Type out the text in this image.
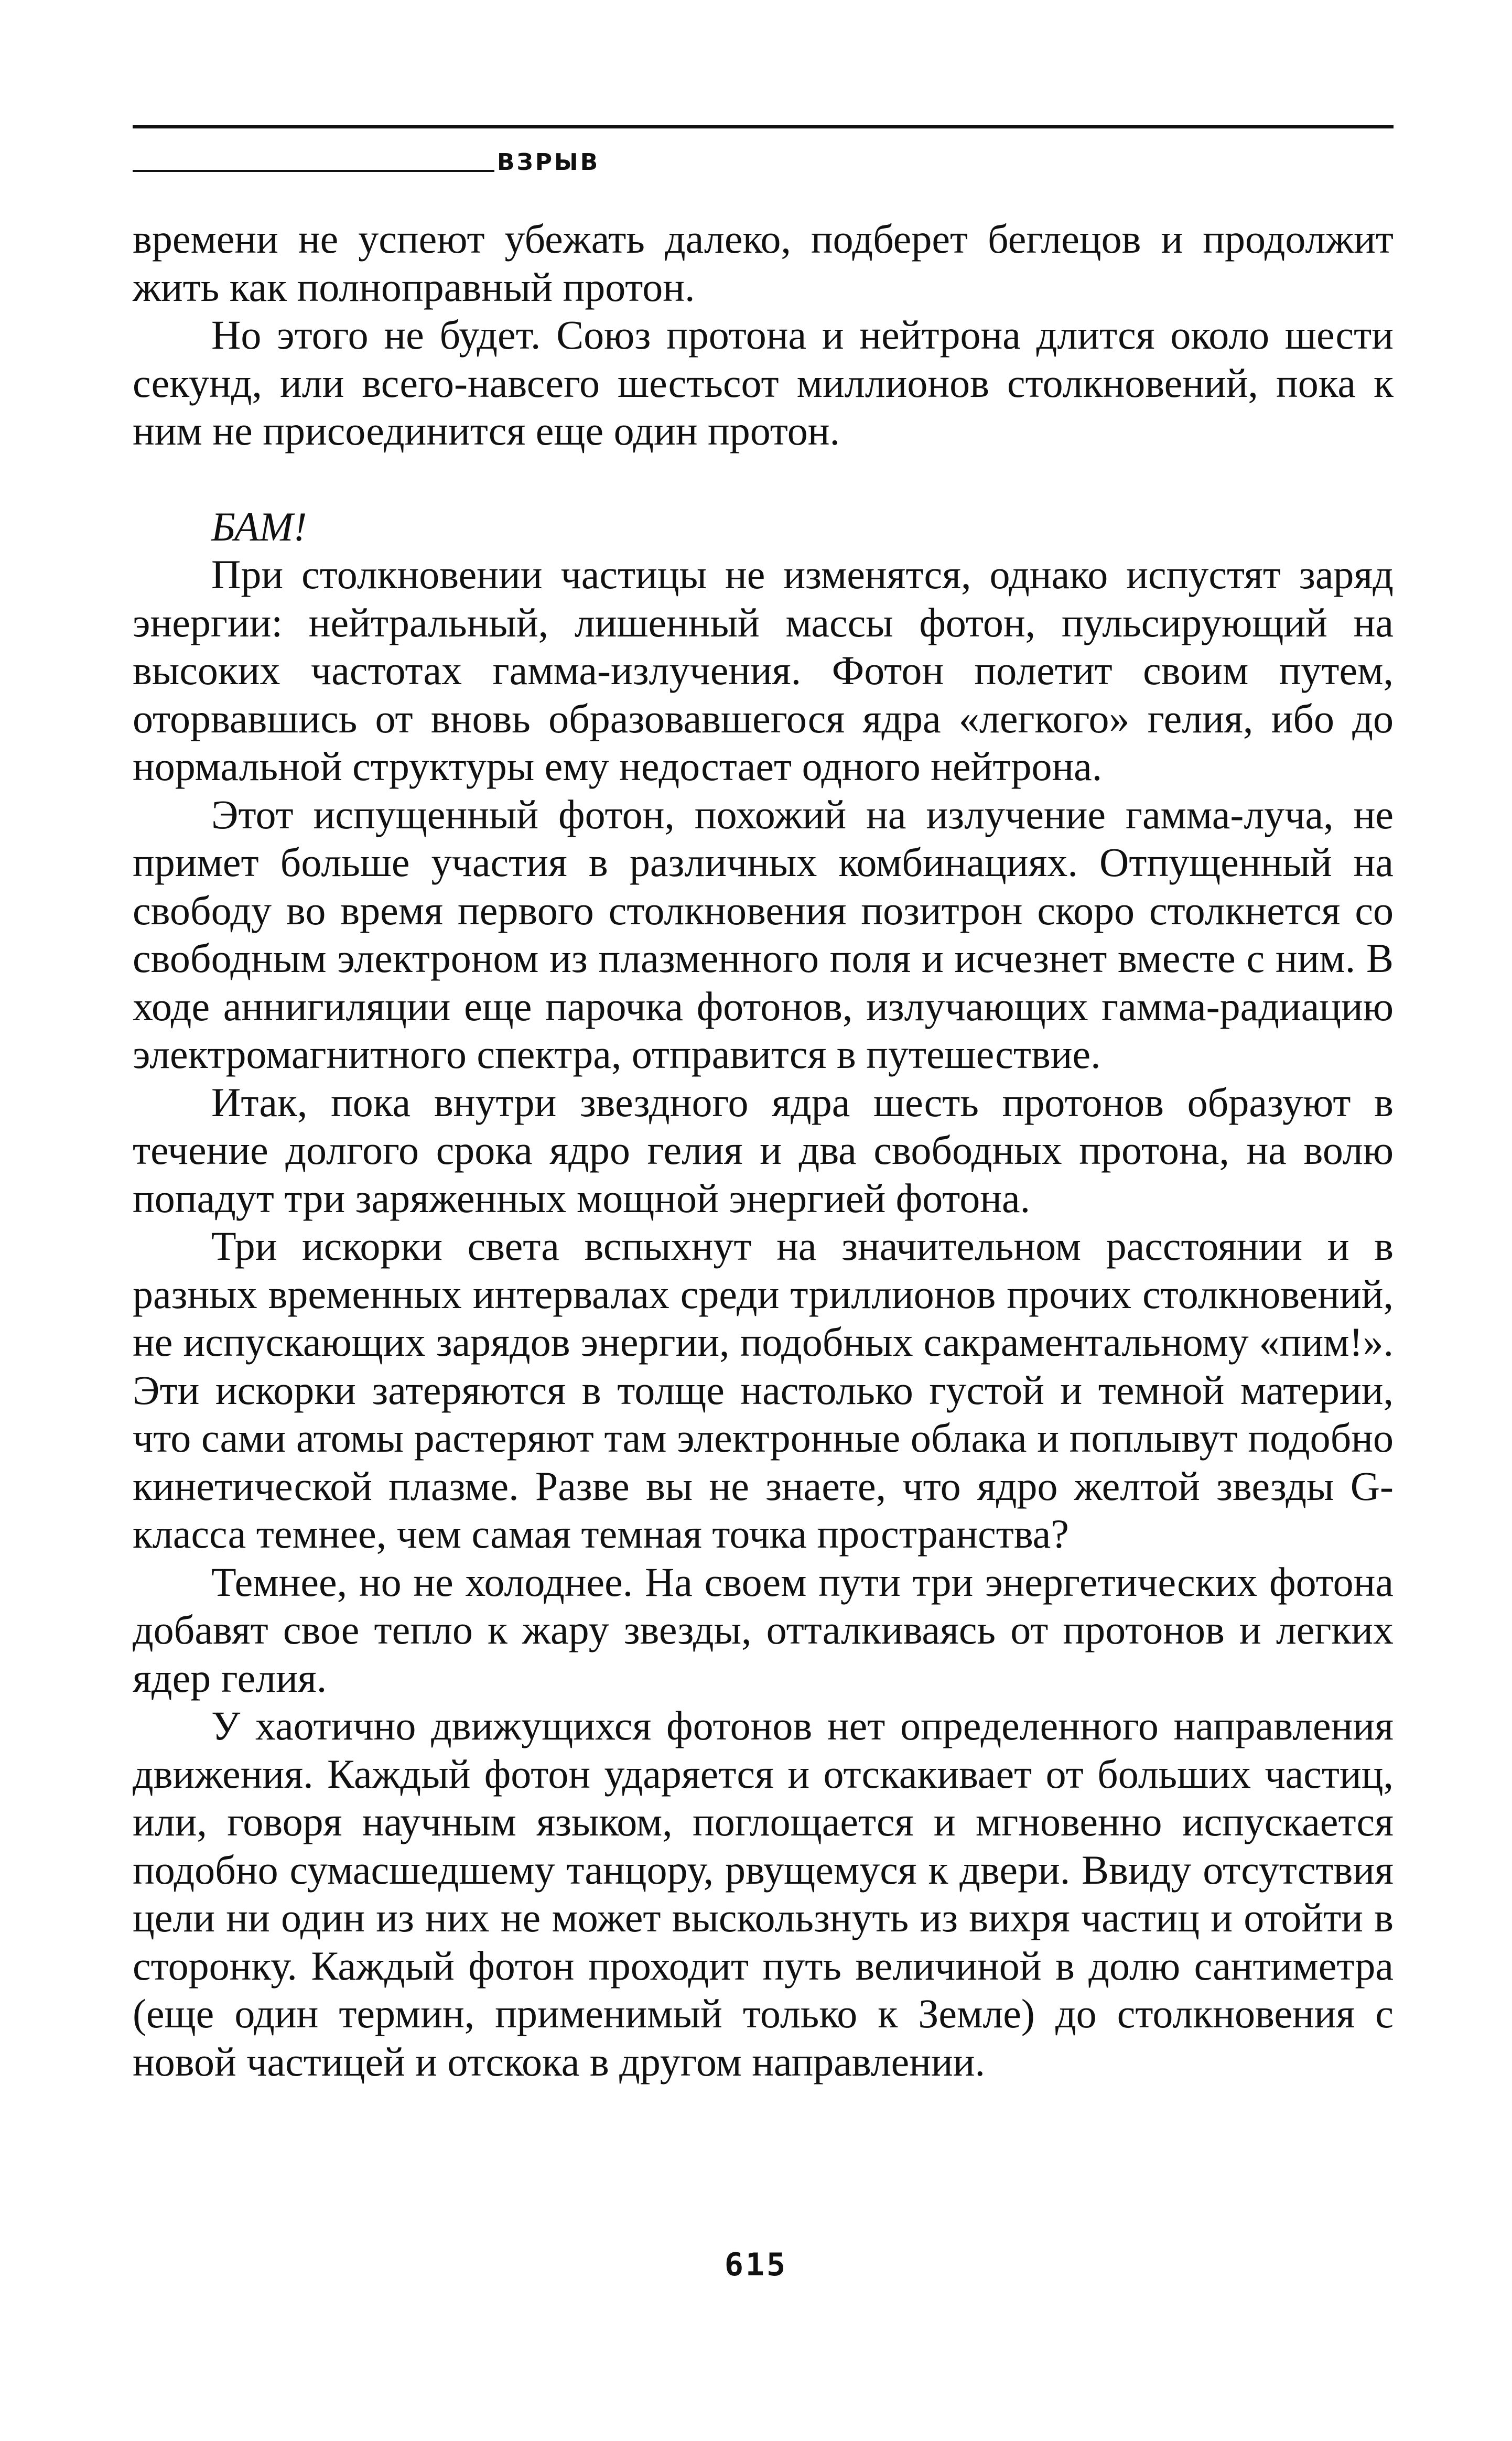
ВЗРЫВ

времени не успеют убежать далеко, подберет беглецов и продолжит жить как полноправный протон.

Но этого не будет. Союз протона и нейтрона длится около шести секунд, или всего-навсего шестьсот миллионов столкновений, пока к ним не присоединится еще один протон.

БАМ!

При столкновении частицы не изменятся, однако испустят заряд энергии: нейтральный, лишенный массы фотон, пульсирующий на высоких частотах гамма-излучения. Фотон полетит своим путем, оторвавшись от вновь образовавшегося ядра «легкого» гелия, ибо до нормальной структуры ему недостает одного нейтрона.

Этот испущенный фотон, похожий на излучение гамма-луча, не примет больше участия в различных комбинациях. Отпущенный на свободу во время первого столкновения позитрон скоро столкнется со свободным электроном из плазменного поля и исчезнет вместе с ним. В ходе аннигиляции еще парочка фотонов, излучающих гамма-радиацию электромагнитного спектра, отправится в путешествие.

Итак, пока внутри звездного ядра шесть протонов образуют в течение долгого срока ядро гелия и два свободных протона, на волю попадут три заряженных мощной энергией фотона.

Три искорки света вспыхнут на значительном расстоянии и в разных временных интервалах среди триллионов прочих столкновений, не испускающих зарядов энергии, подобных сакраментальному «пим!». Эти искорки затеряются в толще настолько густой и темной материи, что сами атомы растеряют там электронные облака и поплывут подобно кинетической плазме. Разве вы не знаете, что ядро желтой звезды G-класса темнее, чем самая темная точка пространства?

Темнее, но не холоднее. На своем пути три энергетических фотона добавят свое тепло к жару звезды, отталкиваясь от протонов и легких ядер гелия.

У хаотично движущихся фотонов нет определенного направления движения. Каждый фотон ударяется и отскакивает от больших частиц, или, говоря научным языком, поглощается и мгновенно испускается подобно сумасшедшему танцору, рвущемуся к двери. Ввиду отсутствия цели ни один из них не может выскользнуть из вихря частиц и отойти в сторонку. Каждый фотон проходит путь величиной в долю сантиметра (еще один термин, применимый только к Земле) до столкновения с новой частицей и отскока в другом направлении.

615
